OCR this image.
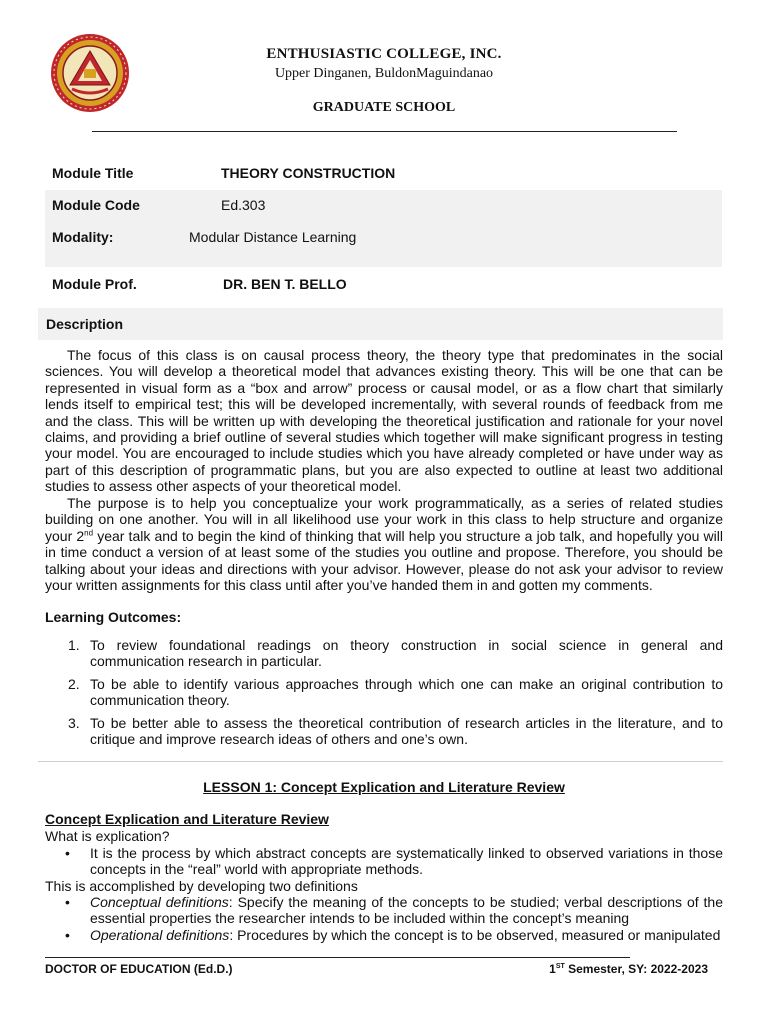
ENTHUSIASTIC COLLEGE, INC.
Upper Dinganen, BuldonMaguindanao
GRADUATE SCHOOL
Module Title	THEORY CONSTRUCTION
Module Code	Ed.303
Modality:	Modular Distance Learning
Module Prof.	DR. BEN T. BELLO
Description

The focus of this class is on causal process theory, the theory type that predominates in the social sciences. You will develop a theoretical model that advances existing theory. This will be one that can be represented in visual form as a “box and arrow” process or causal model, or as a flow chart that similarly lends itself to empirical test; this will be developed incrementally, with several rounds of feedback from me and the class. This will be written up with developing the theoretical justification and rationale for your novel claims, and providing a brief outline of several studies which together will make significant progress in testing your model. You are encouraged to include studies which you have already completed or have under way as part of this description of programmatic plans, but you are also expected to outline at least two additional studies to assess other aspects of your theoretical model.

The purpose is to help you conceptualize your work programmatically, as a series of related studies building on one another. You will in all likelihood use your work in this class to help structure and organize your 2nd year talk and to begin the kind of thinking that will help you structure a job talk, and hopefully you will in time conduct a version of at least some of the studies you outline and propose. Therefore, you should be talking about your ideas and directions with your advisor. However, please do not ask your advisor to review your written assignments for this class until after you’ve handed them in and gotten my comments.

Learning Outcomes:
1. To review foundational readings on theory construction in social science in general and communication research in particular.
2. To be able to identify various approaches through which one can make an original contribution to communication theory.
3. To be better able to assess the theoretical contribution of research articles in the literature, and to critique and improve research ideas of others and one’s own.
LESSON 1: Concept Explication and Literature Review
Concept Explication and Literature Review
What is explication?
• It is the process by which abstract concepts are systematically linked to observed variations in those concepts in the “real” world with appropriate methods.
This is accomplished by developing two definitions
• Conceptual definitions: Specify the meaning of the concepts to be studied; verbal descriptions of the essential properties the researcher intends to be included within the concept’s meaning
• Operational definitions: Procedures by which the concept is to be observed, measured or manipulated
DOCTOR OF EDUCATION (Ed.D.)	1ST Semester, SY: 2022-2023
